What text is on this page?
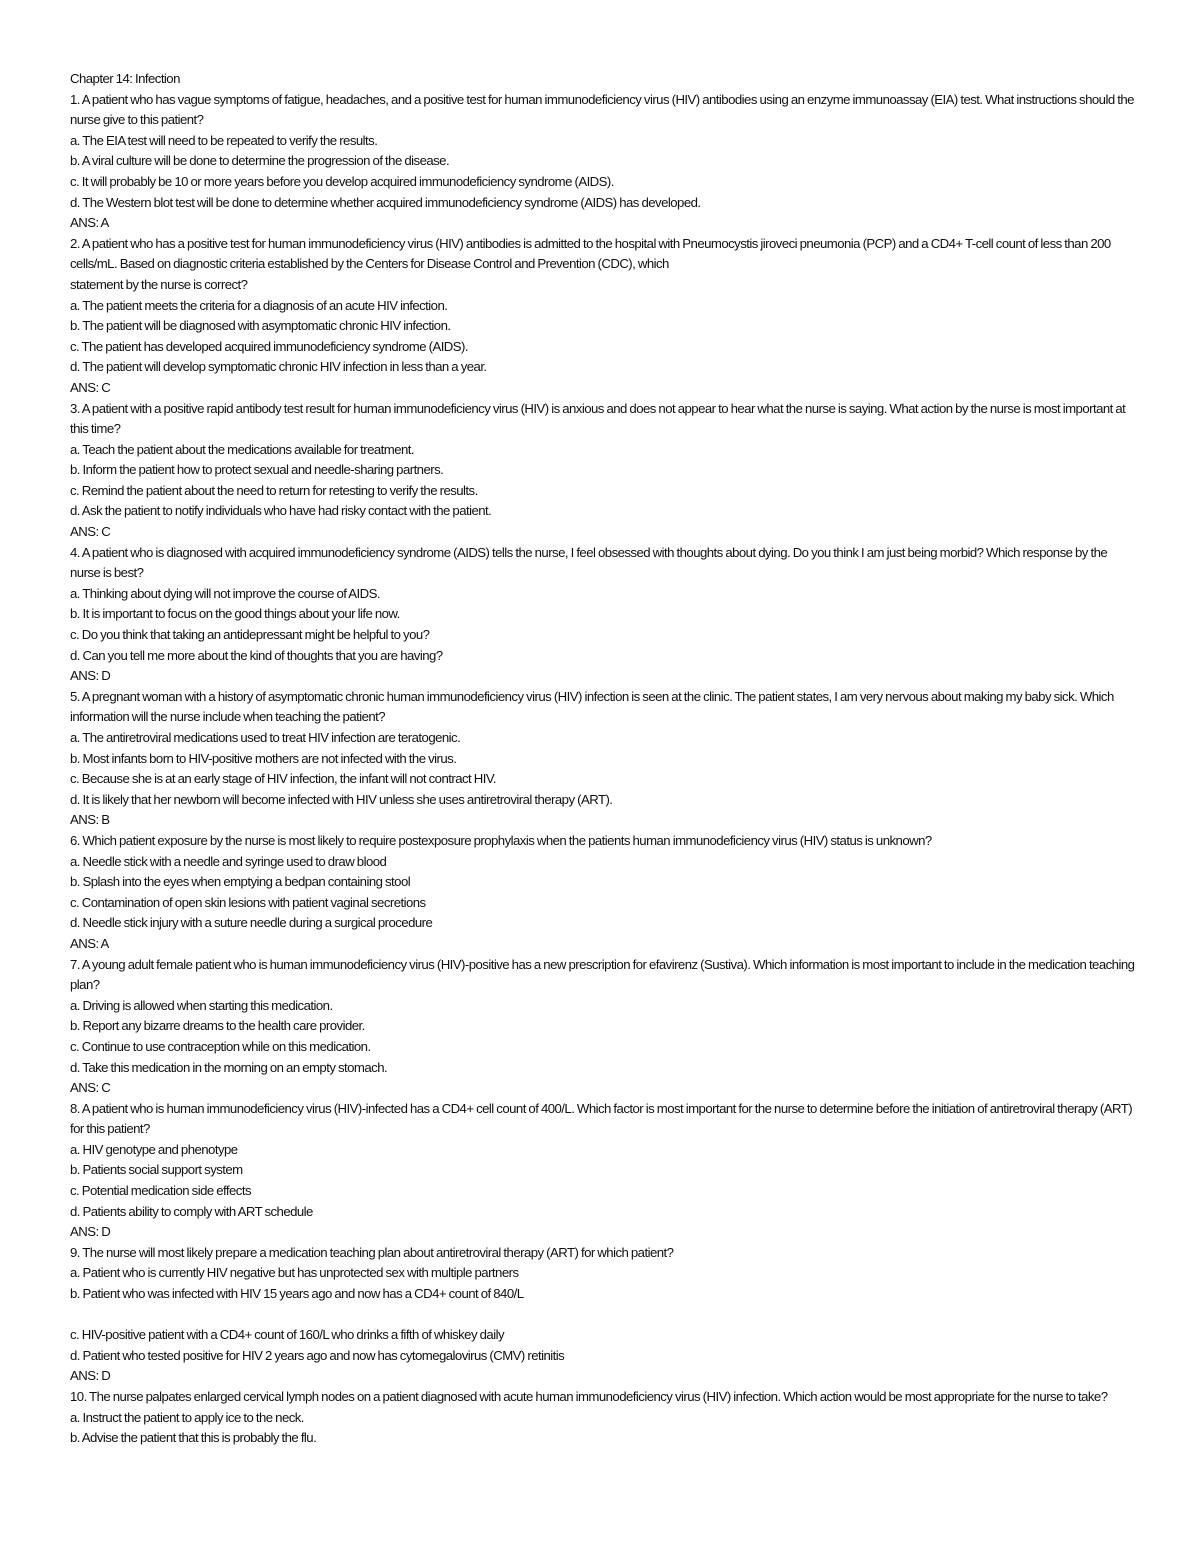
Chapter 14: Infection

1. A patient who has vague symptoms of fatigue, headaches, and a positive test for human immunodeficiency virus (HIV) antibodies using an enzyme immunoassay (EIA) test. What instructions should the nurse give to this patient?

a. The EIA test will need to be repeated to verify the results.

b. A viral culture will be done to determine the progression of the disease.

c. It will probably be 10 or more years before you develop acquired immunodeficiency syndrome (AIDS).

d. The Western blot test will be done to determine whether acquired immunodeficiency syndrome (AIDS) has developed.

ANS: A

2. A patient who has a positive test for human immunodeficiency virus (HIV) antibodies is admitted to the hospital with Pneumocystis jiroveci pneumonia (PCP) and a CD4+ T-cell count of less than 200 cells/mL. Based on diagnostic criteria established by the Centers for Disease Control and Prevention (CDC), which

statement by the nurse is correct?

a. The patient meets the criteria for a diagnosis of an acute HIV infection.

b. The patient will be diagnosed with asymptomatic chronic HIV infection.

c. The patient has developed acquired immunodeficiency syndrome (AIDS).

d. The patient will develop symptomatic chronic HIV infection in less than a year.

ANS: C

3. A patient with a positive rapid antibody test result for human immunodeficiency virus (HIV) is anxious and does not appear to hear what the nurse is saying. What action by the nurse is most important at this time?

a. Teach the patient about the medications available for treatment.

b. Inform the patient how to protect sexual and needle-sharing partners.

c. Remind the patient about the need to return for retesting to verify the results.

d. Ask the patient to notify individuals who have had risky contact with the patient.

ANS: C

4. A patient who is diagnosed with acquired immunodeficiency syndrome (AIDS) tells the nurse, I feel obsessed with thoughts about dying. Do you think I am just being morbid? Which response by the nurse is best?

a. Thinking about dying will not improve the course of AIDS.

b. It is important to focus on the good things about your life now.

c. Do you think that taking an antidepressant might be helpful to you?

d. Can you tell me more about the kind of thoughts that you are having?

ANS: D

5. A pregnant woman with a history of asymptomatic chronic human immunodeficiency virus (HIV) infection is seen at the clinic. The patient states, I am very nervous about making my baby sick. Which information will the nurse include when teaching the patient?

a. The antiretroviral medications used to treat HIV infection are teratogenic.

b. Most infants born to HIV-positive mothers are not infected with the virus.

c. Because she is at an early stage of HIV infection, the infant will not contract HIV.

d. It is likely that her newborn will become infected with HIV unless she uses antiretroviral therapy (ART).

ANS: B

6. Which patient exposure by the nurse is most likely to require postexposure prophylaxis when the patients human immunodeficiency virus (HIV) status is unknown?

a. Needle stick with a needle and syringe used to draw blood

b. Splash into the eyes when emptying a bedpan containing stool

c. Contamination of open skin lesions with patient vaginal secretions

d. Needle stick injury with a suture needle during a surgical procedure

ANS: A

7. A young adult female patient who is human immunodeficiency virus (HIV)-positive has a new prescription for efavirenz (Sustiva). Which information is most important to include in the medication teaching plan?

a. Driving is allowed when starting this medication.

b. Report any bizarre dreams to the health care provider.

c. Continue to use contraception while on this medication.

d. Take this medication in the morning on an empty stomach.

ANS: C

8. A patient who is human immunodeficiency virus (HIV)-infected has a CD4+ cell count of 400/L. Which factor is most important for the nurse to determine before the initiation of antiretroviral therapy (ART) for this patient?

a. HIV genotype and phenotype

b. Patients social support system

c. Potential medication side effects

d. Patients ability to comply with ART schedule

ANS: D

9. The nurse will most likely prepare a medication teaching plan about antiretroviral therapy (ART) for which patient?

a. Patient who is currently HIV negative but has unprotected sex with multiple partners

b. Patient who was infected with HIV 15 years ago and now has a CD4+ count of 840/L

c. HIV-positive patient with a CD4+ count of 160/L who drinks a fifth of whiskey daily

d. Patient who tested positive for HIV 2 years ago and now has cytomegalovirus (CMV) retinitis

ANS: D

10. The nurse palpates enlarged cervical lymph nodes on a patient diagnosed with acute human immunodeficiency virus (HIV) infection. Which action would be most appropriate for the nurse to take?

a. Instruct the patient to apply ice to the neck.

b. Advise the patient that this is probably the flu.
